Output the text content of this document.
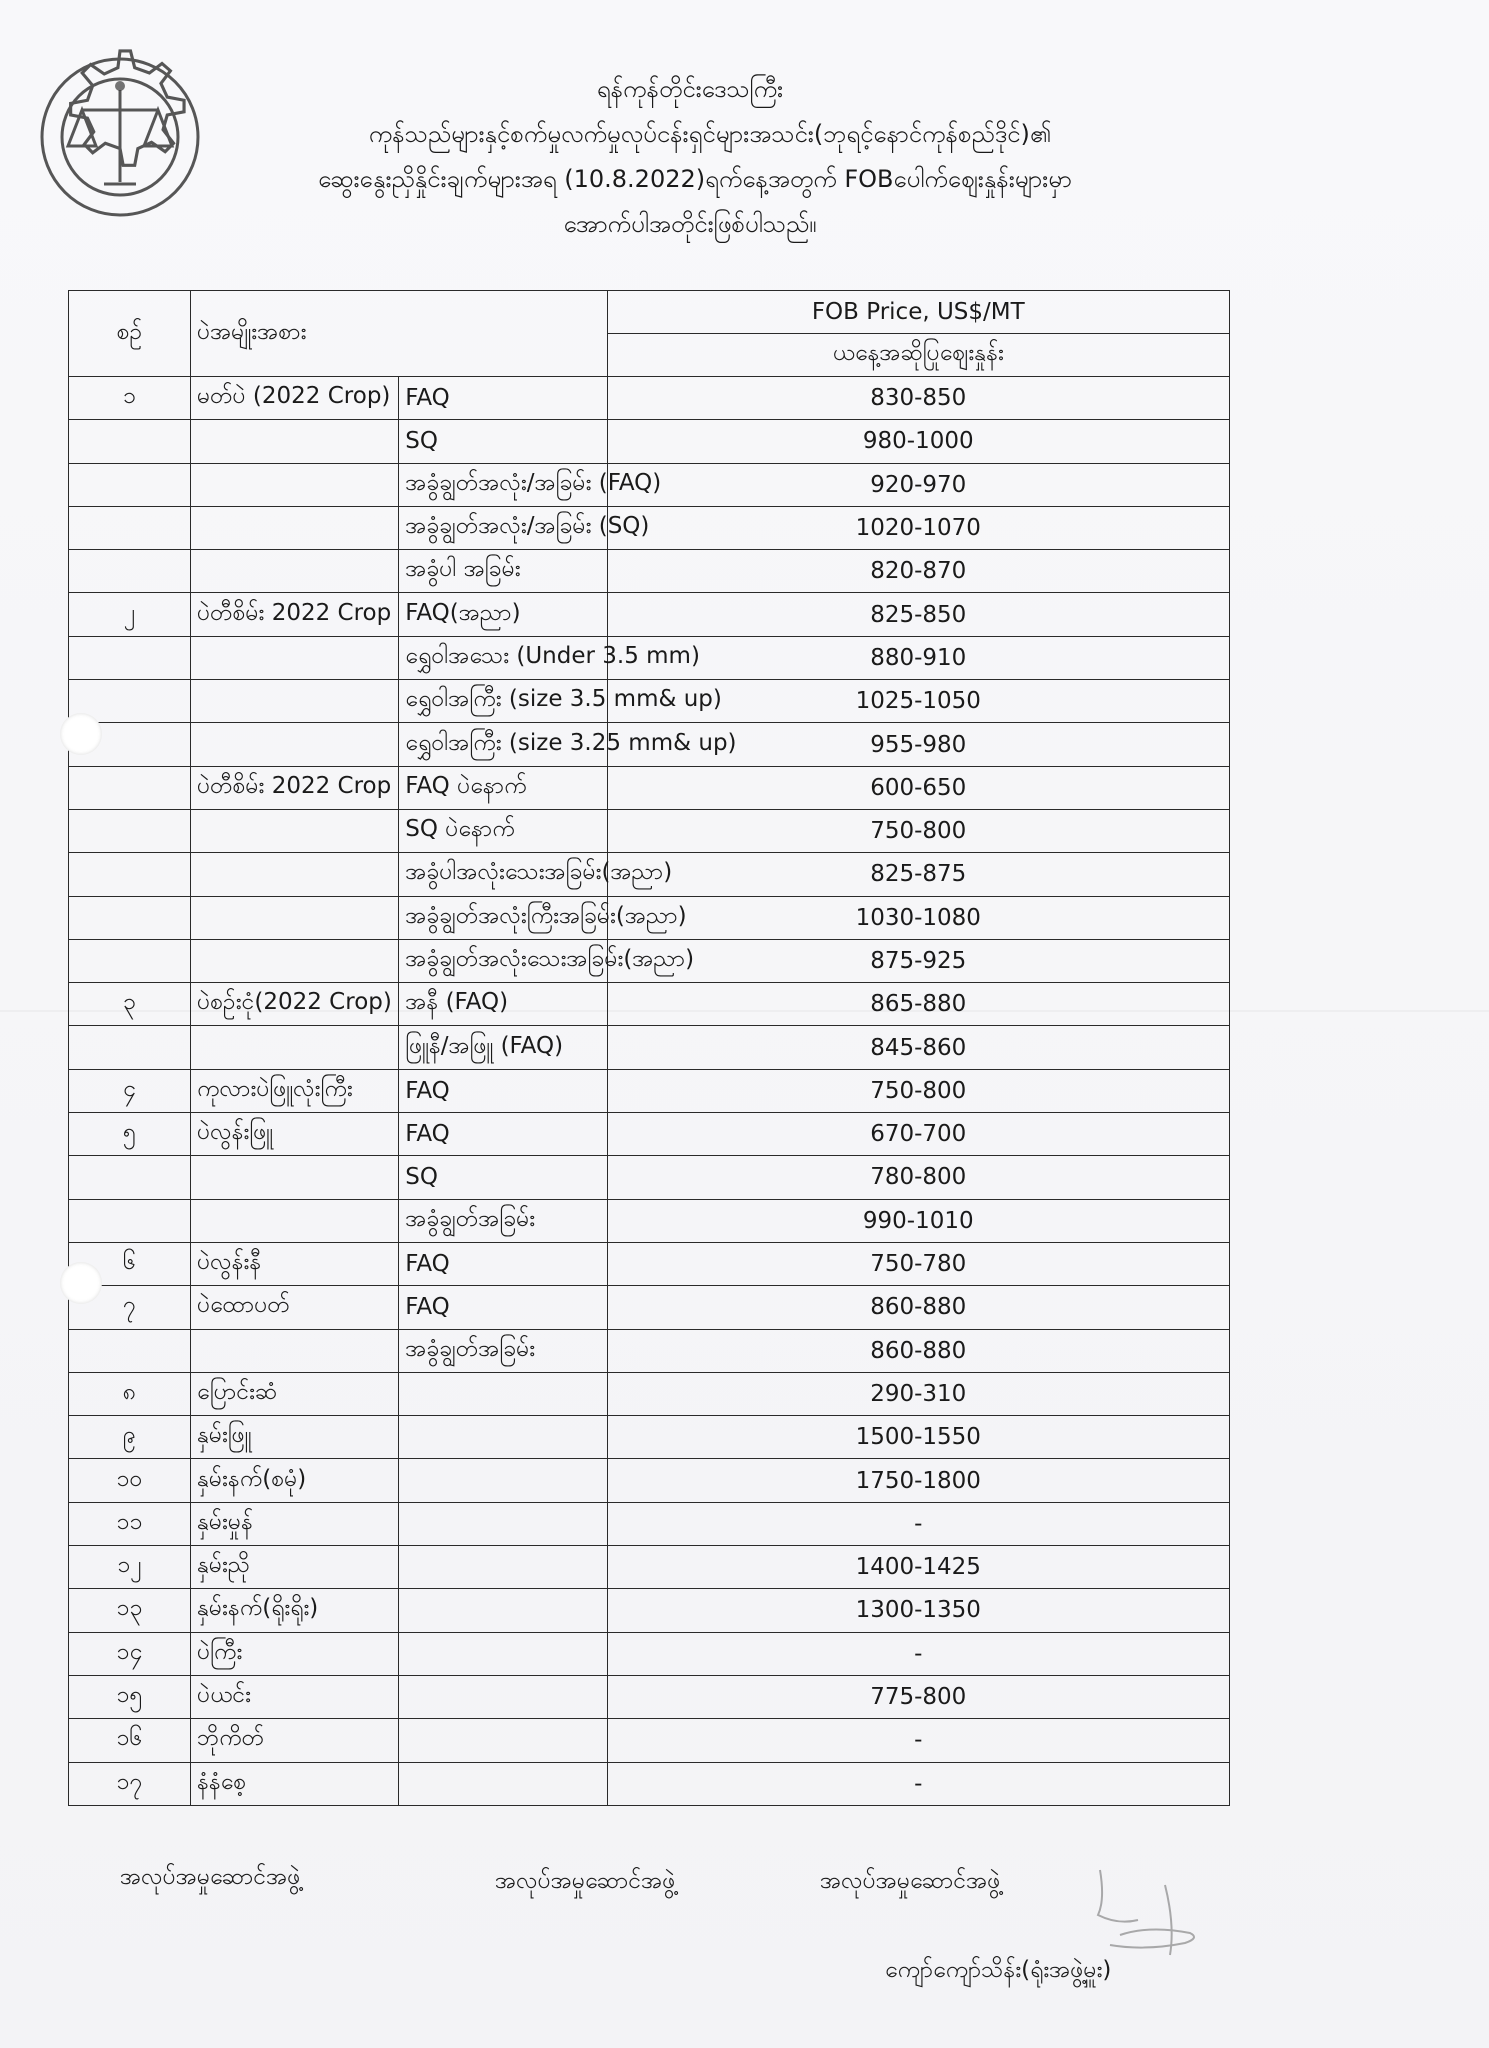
ရန်ကုန်တိုင်းဒေသကြီး
ကုန်သည်များနှင့်စက်မှုလက်မှုလုပ်ငန်းရှင်များအသင်း(ဘုရင့်နောင်ကုန်စည်ဒိုင်)၏
ဆွေးနွေးညှိနှိုင်းချက်များအရ (10.8.2022)ရက်နေ့အတွက် FOBပေါက်ဈေးနှုန်းများမှာ
အောက်ပါအတိုင်းဖြစ်ပါသည်။
စဉ်	ပဲအမျိုးအစား		FOB Price, US$/MT
			ယနေ့အဆိုပြုဈေးနှုန်း
၁	မတ်ပဲ (2022 Crop)	FAQ	830-850
		SQ	980-1000
		အခွံချွတ်အလုံး/အခြမ်း (FAQ)	920-970
		အခွံချွတ်အလုံး/အခြမ်း (SQ)	1020-1070
		အခွံပါ အခြမ်း	820-870
၂	ပဲတီစိမ်း 2022 Crop	FAQ(အညာ)	825-850
		ရွှေဝါအသေး (Under 3.5 mm)	880-910
		ရွှေဝါအကြီး (size 3.5 mm& up)	1025-1050
		ရွှေဝါအကြီး (size 3.25 mm& up)	955-980
	ပဲတီစိမ်း 2022 Crop	FAQ ပဲနောက်	600-650
		SQ ပဲနောက်	750-800
		အခွံပါအလုံးသေးအခြမ်း(အညာ)	825-875
		အခွံချွတ်အလုံးကြီးအခြမ်း(အညာ)	1030-1080
		အခွံချွတ်အလုံးသေးအခြမ်း(အညာ)	875-925
၃	ပဲစဉ်းငုံ(2022 Crop)	အနီ (FAQ)	865-880
		ဖြူနီ/အဖြူ (FAQ)	845-860
၄	ကုလားပဲဖြူလုံးကြီး	FAQ	750-800
၅	ပဲလွန်းဖြူ	FAQ	670-700
		SQ	780-800
		အခွံချွတ်အခြမ်း	990-1010
၆	ပဲလွန်းနီ	FAQ	750-780
၇	ပဲထောပတ်	FAQ	860-880
		အခွံချွတ်အခြမ်း	860-880
၈	ပြောင်းဆံ		290-310
၉	နှမ်းဖြူ		1500-1550
၁၀	နှမ်းနက်(စမုံ)		1750-1800
၁၁	နှမ်းမှုန်		-
၁၂	နှမ်းညို		1400-1425
၁၃	နှမ်းနက်(ရိုးရိုး)		1300-1350
၁၄	ပဲကြီး		-
၁၅	ပဲယင်း		775-800
၁၆	ဘိုကိတ်		-
၁၇	နံနံစေ့		-
အလုပ်အမှုဆောင်အဖွဲ့	အလုပ်အမှုဆောင်အဖွဲ့	အလုပ်အမှုဆောင်အဖွဲ့
ကျော်ကျော်သိန်း(ရုံးအဖွဲ့မှူး)
